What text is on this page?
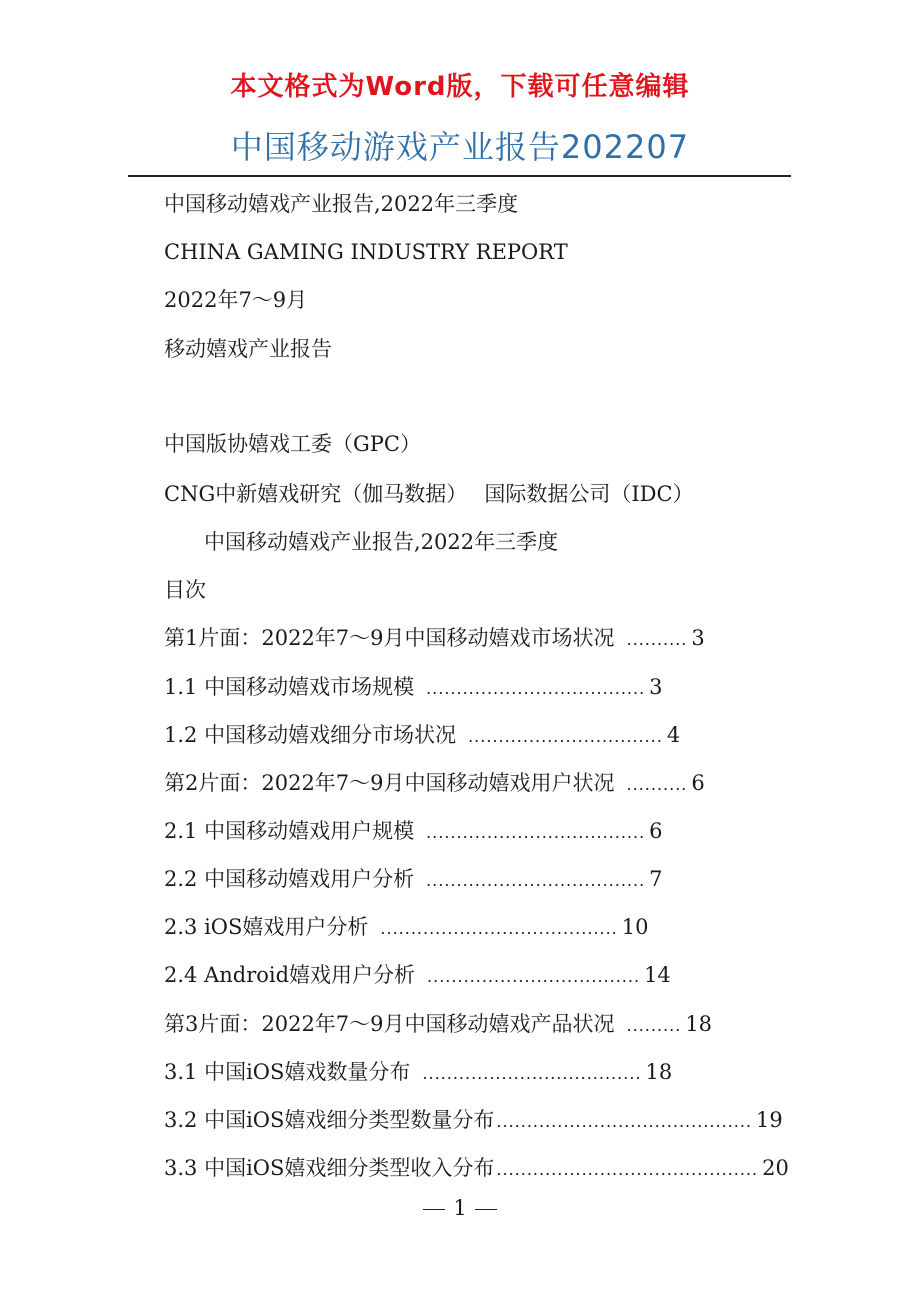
本文格式为Word版，下载可任意编辑
中国移动游戏产业报告202207
中国移动嬉戏产业报告,2022年三季度
CHINA GAMING INDUSTRY REPORT
2022年7～9月
移动嬉戏产业报告
中国版协嬉戏工委（GPC）
CNG中新嬉戏研究（伽马数据）　 国际数据公司（IDC）
中国移动嬉戏产业报告,2022年三季度
目次
第1片面：2022年7～9月中国移动嬉戏市场状况 .......... 3
1.1 中国移动嬉戏市场规模 .................................... 3
1.2 中国移动嬉戏细分市场状况 ................................ 4
第2片面：2022年7～9月中国移动嬉戏用户状况 .......... 6
2.1 中国移动嬉戏用户规模 .................................... 6
2.2 中国移动嬉戏用户分析 .................................... 7
2.3 iOS嬉戏用户分析 ....................................... 10
2.4 Android嬉戏用户分析 ................................... 14
第3片面：2022年7～9月中国移动嬉戏产品状况 ......... 18
3.1 中国iOS嬉戏数量分布 .................................... 18
3.2 中国iOS嬉戏细分类型数量分布 .......................................... 19
3.3 中国iOS嬉戏细分类型收入分布 ........................................... 20
1
